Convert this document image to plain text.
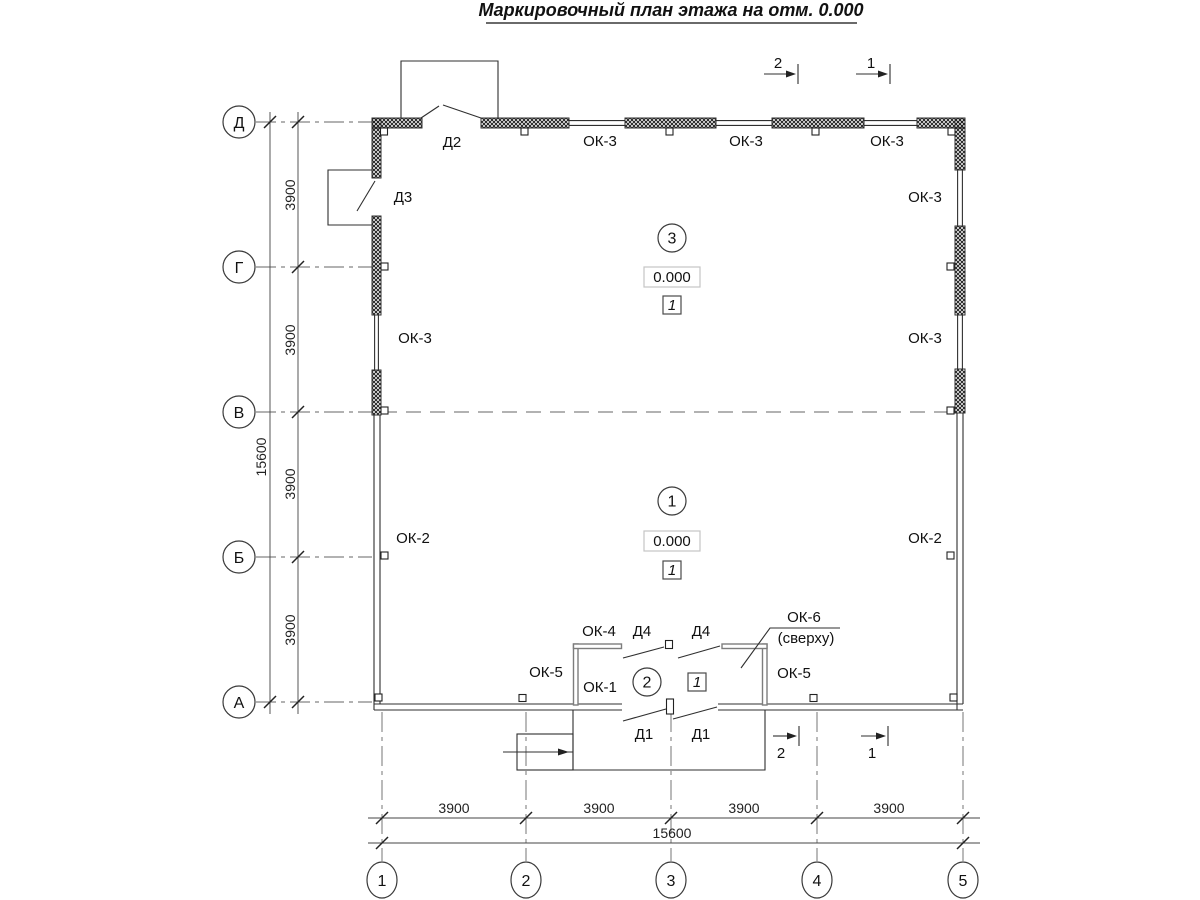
Маркировочный план этажа на отм. 0.000
Д
Г
В
Б
А
1	2	3	4	5
3900
3900
3900
3900
15600
3900	3900	3900	3900
15600
ОК-3	ОК-3	ОК-3
ОК-3
ОК-3
ОК-3
ОК-2	ОК-2
ОК-4
ОК-5	ОК-5
ОК-1
ОК-6
(сверху)
Д2
Д3
Д4	Д4
Д1	Д1
3
0.000
1
1
0.000
1
2	1
2	1
2	1
